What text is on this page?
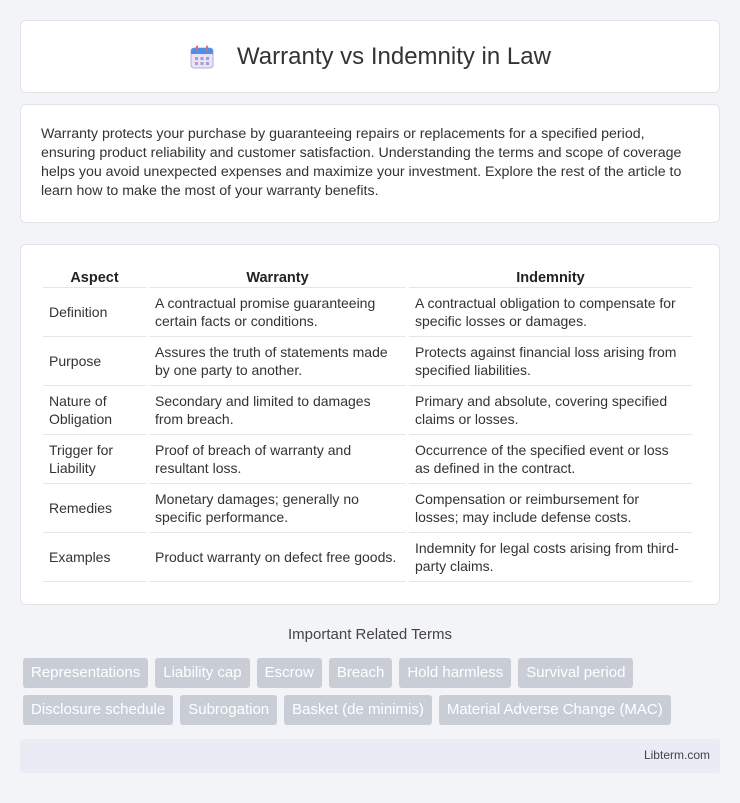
Warranty vs Indemnity in Law

Warranty protects your purchase by guaranteeing repairs or replacements for a specified period, ensuring product reliability and customer satisfaction. Understanding the terms and scope of coverage helps you avoid unexpected expenses and maximize your investment. Explore the rest of the article to learn how to make the most of your warranty benefits.

Aspect	Warranty	Indemnity
Definition	A contractual promise guaranteeing certain facts or conditions.	A contractual obligation to compensate for specific losses or damages.
Purpose	Assures the truth of statements made by one party to another.	Protects against financial loss arising from specified liabilities.
Nature of Obligation	Secondary and limited to damages from breach.	Primary and absolute, covering specified claims or losses.
Trigger for Liability	Proof of breach of warranty and resultant loss.	Occurrence of the specified event or loss as defined in the contract.
Remedies	Monetary damages; generally no specific performance.	Compensation or reimbursement for losses; may include defense costs.
Examples	Product warranty on defect free goods.	Indemnity for legal costs arising from third-party claims.
Important Related Terms
Representations	Liability cap	Escrow	Breach	Hold harmless	Survival period
Disclosure schedule	Subrogation	Basket (de minimis)	Material Adverse Change (MAC)
Libterm.com
